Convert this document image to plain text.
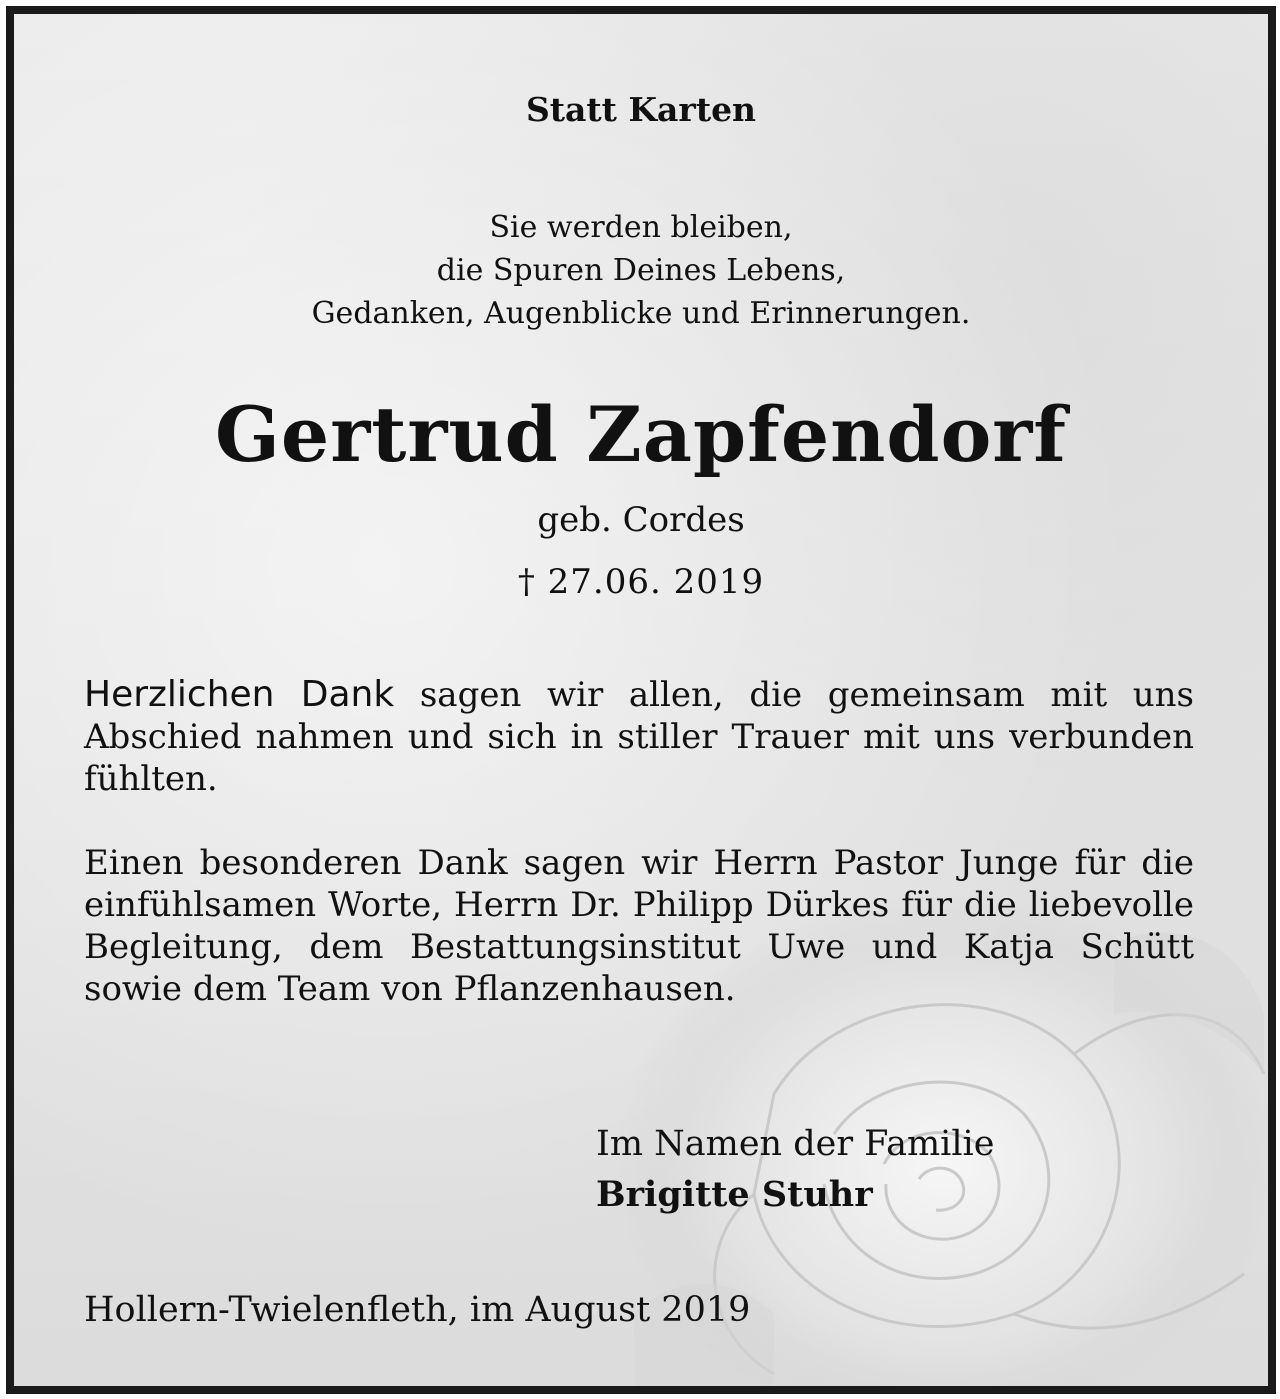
Statt Karten
Sie werden bleiben,
die Spuren Deines Lebens,
Gedanken, Augenblicke und Erinnerungen.
Gertrud Zapfendorf
geb. Cordes
† 27.06. 2019
Herzlichen Dank sagen wir allen, die gemeinsam mit uns Abschied nahmen und sich in stiller Trauer mit uns verbunden fühlten.
Einen besonderen Dank sagen wir Herrn Pastor Junge für die einfühlsamen Worte, Herrn Dr. Philipp Dürkes für die liebevolle Begleitung, dem Bestattungsinstitut Uwe und Katja Schütt sowie dem Team von Pflanzenhausen.
Im Namen der Familie
Brigitte Stuhr
Hollern-Twielenfleth, im August 2019
